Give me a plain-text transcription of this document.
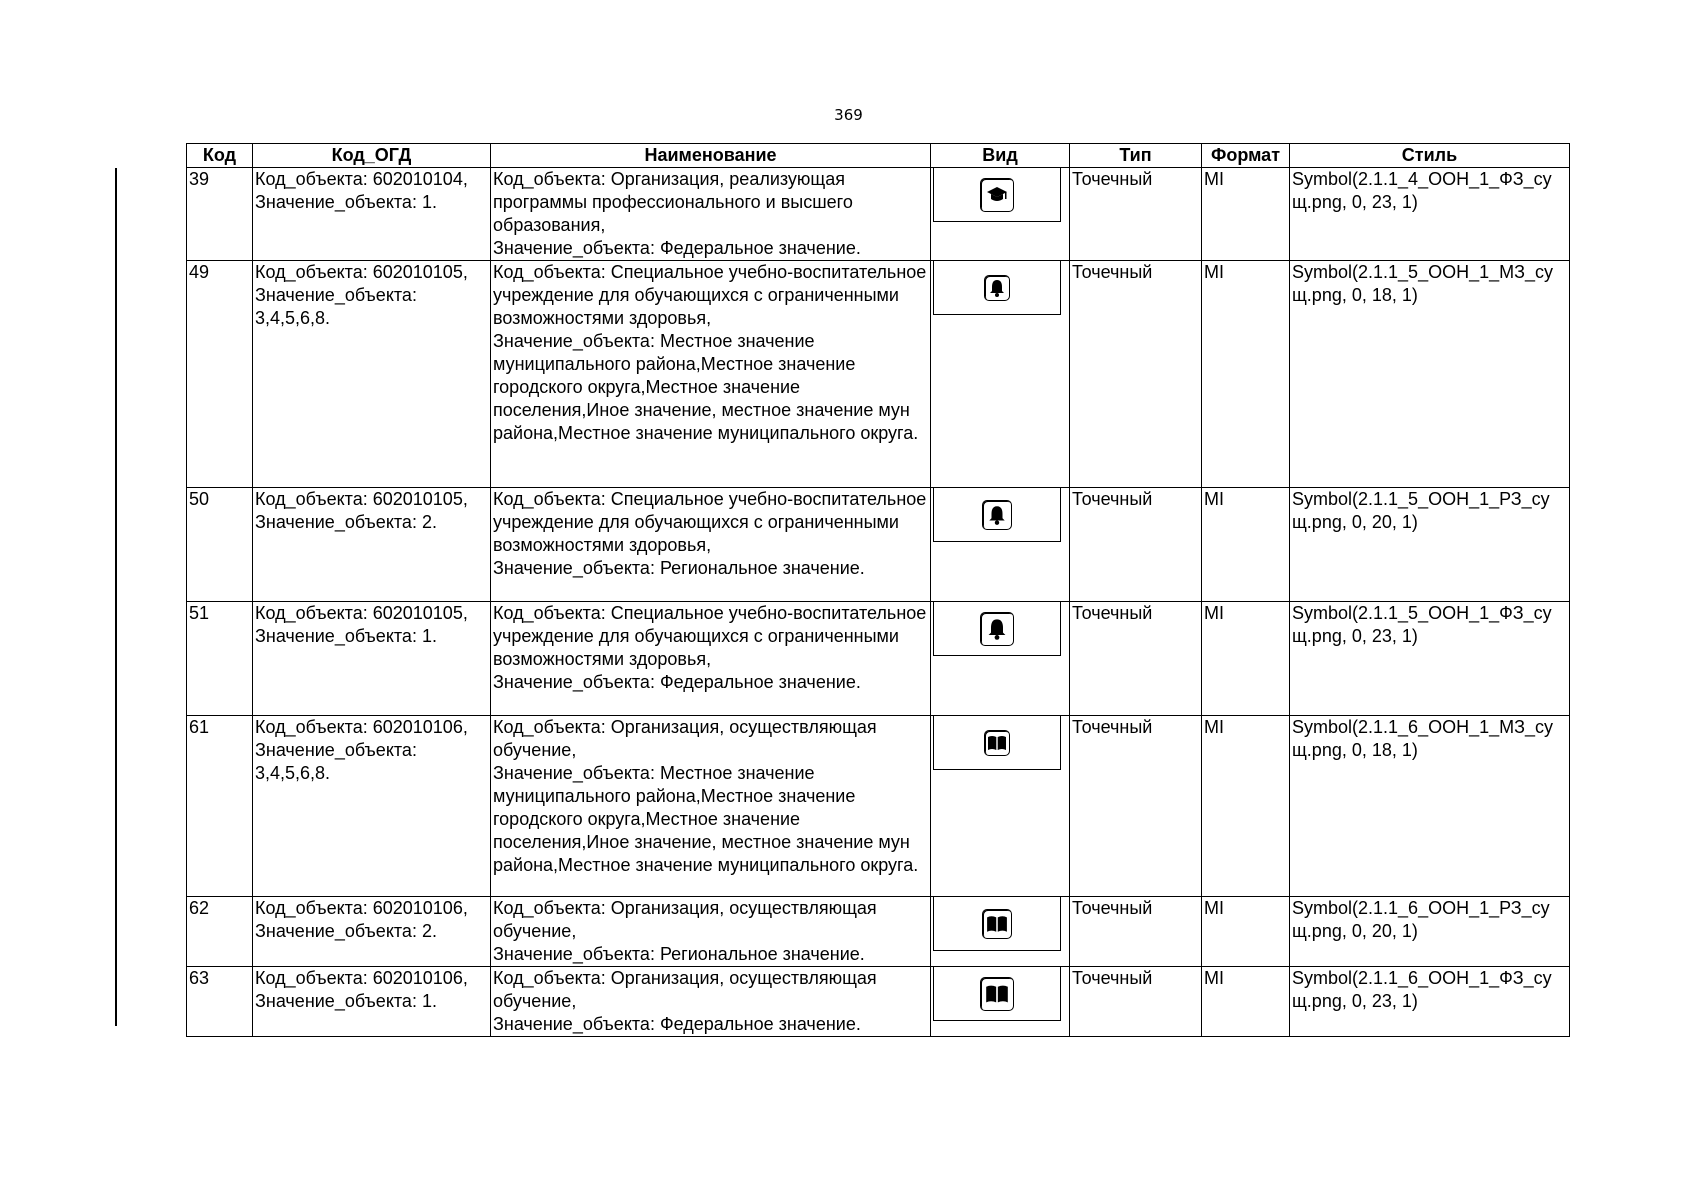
369
Код	Код_ОГД	Наименование	Вид	Тип	Формат	Стиль
39	Код_объекта: 602010104, Значение_объекта: 1.	Код_объекта: Организация, реализующая программы профессионального и высшего образования,
Значение_объекта: Федеральное значение.		Точечный	MI	Symbol(2.1.1_4_ООН_1_ФЗ_сущ.png, 0, 23, 1)
49	Код_объекта: 602010105, Значение_объекта: 3,4,5,6,8.	Код_объекта: Специальное учебно-воспитательное учреждение для обучающихся с ограниченными возможностями здоровья,
Значение_объекта: Местное значение муниципального района,Местное значение городского округа,Местное значение поселения,Иное значение, местное значение мун района,Местное значение муниципального округа.		Точечный	MI	Symbol(2.1.1_5_ООН_1_МЗ_сущ.png, 0, 18, 1)
50	Код_объекта: 602010105, Значение_объекта: 2.	Код_объекта: Специальное учебно-воспитательное учреждение для обучающихся с ограниченными возможностями здоровья,
Значение_объекта: Региональное значение.		Точечный	MI	Symbol(2.1.1_5_ООН_1_РЗ_сущ.png, 0, 20, 1)
51	Код_объекта: 602010105, Значение_объекта: 1.	Код_объекта: Специальное учебно-воспитательное учреждение для обучающихся с ограниченными возможностями здоровья,
Значение_объекта: Федеральное значение.		Точечный	MI	Symbol(2.1.1_5_ООН_1_ФЗ_сущ.png, 0, 23, 1)
61	Код_объекта: 602010106, Значение_объекта: 3,4,5,6,8.	Код_объекта: Организация, осуществляющая обучение,
Значение_объекта: Местное значение муниципального района,Местное значение городского округа,Местное значение поселения,Иное значение, местное значение мун района,Местное значение муниципального округа.		Точечный	MI	Symbol(2.1.1_6_ООН_1_МЗ_сущ.png, 0, 18, 1)
62	Код_объекта: 602010106, Значение_объекта: 2.	Код_объекта: Организация, осуществляющая обучение,
Значение_объекта: Региональное значение.		Точечный	MI	Symbol(2.1.1_6_ООН_1_РЗ_сущ.png, 0, 20, 1)
63	Код_объекта: 602010106, Значение_объекта: 1.	Код_объекта: Организация, осуществляющая обучение,
Значение_объекта: Федеральное значение.		Точечный	MI	Symbol(2.1.1_6_ООН_1_ФЗ_сущ.png, 0, 23, 1)
